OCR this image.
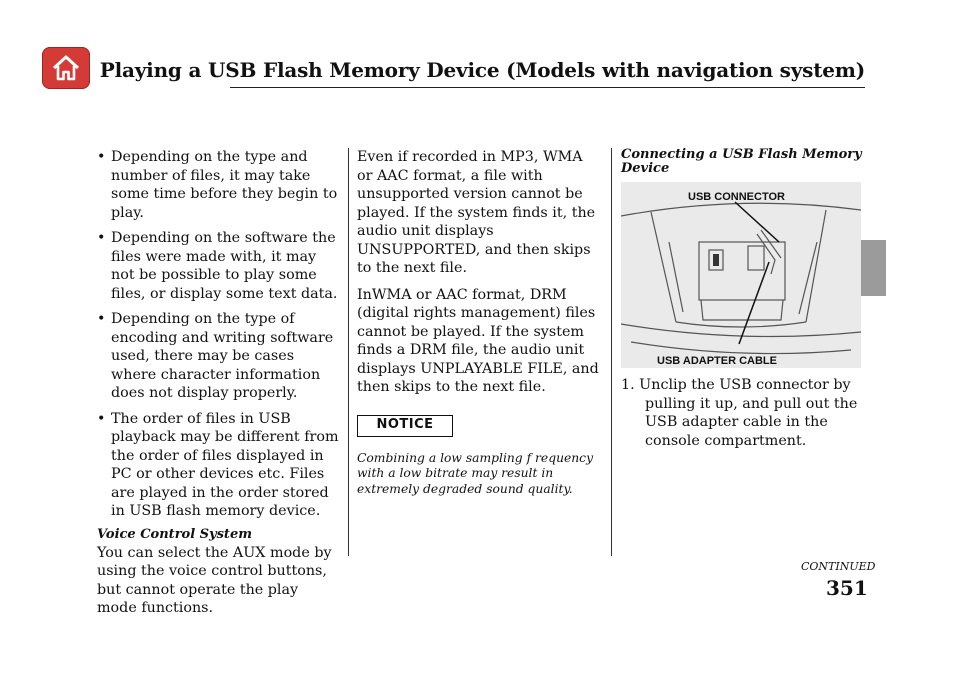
Playing a USB Flash Memory Device (Models with navigation system)
• Depending on the type and number of files, it may take some time before they begin to play.
• Depending on the software the files were made with, it may not be possible to play some files, or display some text data.
• Depending on the type of encoding and writing software used, there may be cases where character information does not display properly.
• The order of files in USB playback may be different from the order of files displayed in PC or other devices etc. Files are played in the order stored in USB flash memory device.
Voice Control System

You can select the AUX mode by using the voice control buttons, but cannot operate the play mode functions.

Even if recorded in MP3, WMA or AAC format, a file with unsupported version cannot be played. If the system finds it, the audio unit displays UNSUPPORTED, and then skips to the next file.

InWMA or AAC format, DRM (digital rights management) files cannot be played. If the system finds a DRM file, the audio unit displays UNPLAYABLE FILE, and then skips to the next file.

NOTICE
Combining a low sampling f requency with a low bitrate may result in extremely degraded sound quality.
Connecting a USB Flash Memory Device
USB CONNECTOR
USB ADAPTER CABLE

1. Unclip the USB connector by pulling it up, and pull out the USB adapter cable in the console compartment.

CONTINUED
351
